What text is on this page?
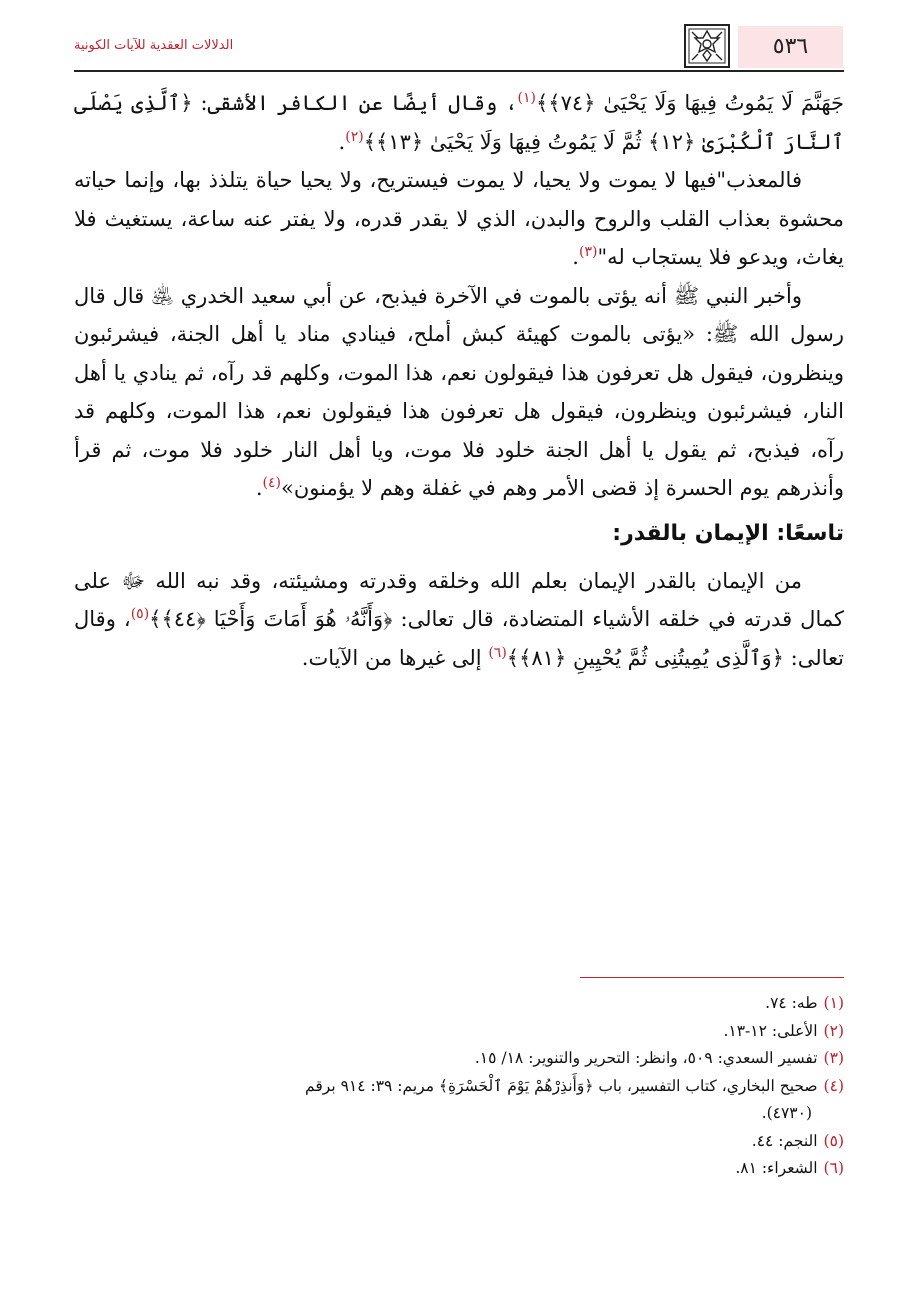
٥٣٦
الدلالات العقدية للآيات الكونية

جَهَنَّمَ لَا يَمُوتُ فِيهَا وَلَا يَحْيَىٰ ﴿٧٤﴾﴾$^{(١)}$، وقال أيضًا عن الكافر الأشقى: ﴿ٱلَّذِى يَصْلَى ٱلنَّارَ ٱلْكُبْرَىٰ ﴿١٢﴾ ثُمَّ لَا يَمُوتُ فِيهَا وَلَا يَحْيَىٰ ﴿١٣﴾﴾$^{(٢)}$.

فالمعذب"فيها لا يموت ولا يحيا، لا يموت فيستريح، ولا يحيا حياة يتلذذ بها، وإنما حياته محشوة بعذاب القلب والروح والبدن، الذي لا يقدر قدره، ولا يفتر عنه ساعة، يستغيث فلا يغاث، ويدعو فلا يستجاب له"$^{(٣)}$.

وأخبر النبي ﷺ أنه يؤتى بالموت في الآخرة فيذبح، عن أبي سعيد الخدري ﵁ قال قال رسول الله ﷺ: «يؤتى بالموت كهيئة كبش أملح، فينادي مناد يا أهل الجنة، فيشرئبون وينظرون، فيقول هل تعرفون هذا فيقولون نعم، هذا الموت، وكلهم قد رآه، ثم ينادي يا أهل النار، فيشرئبون وينظرون، فيقول هل تعرفون هذا فيقولون نعم، هذا الموت، وكلهم قد رآه، فيذبح، ثم يقول يا أهل الجنة خلود فلا موت، ويا أهل النار خلود فلا موت، ثم قرأ وأنذرهم يوم الحسرة إذ قضى الأمر وهم في غفلة وهم لا يؤمنون»$^{(٤)}$.

تاسعًا: الإيمان بالقدر:

من الإيمان بالقدر الإيمان بعلم الله وخلقه وقدرته ومشيئته، وقد نبه الله ﷻ على كمال قدرته في خلقه الأشياء المتضادة، قال تعالى: ﴿وَأَنَّهُۥ هُوَ أَمَاتَ وَأَحْيَا ﴿٤٤﴾﴾$^{(٥)}$، وقال تعالى: ﴿وَٱلَّذِى يُمِيتُنِى ثُمَّ يُحْيِينِ ﴿٨١﴾﴾$^{(٦)}$ إلى غيرها من الآيات.

(١)طه: ٧٤.

(٢)الأعلى: ١٢-١٣.

(٣)تفسير السعدي: ٥٠٩، وانظر: التحرير والتنوير: ١٨/ ١٥.

(٤)صحيح البخاري، كتاب التفسير، باب ﴿وَأَنذِرْهُمْ يَوْمَ ٱلْحَسْرَةِ﴾ مريم: ٣٩: ٩١٤ برقم

(٤٧٣٠).

(٥)النجم: ٤٤.

(٦)الشعراء: ٨١.
